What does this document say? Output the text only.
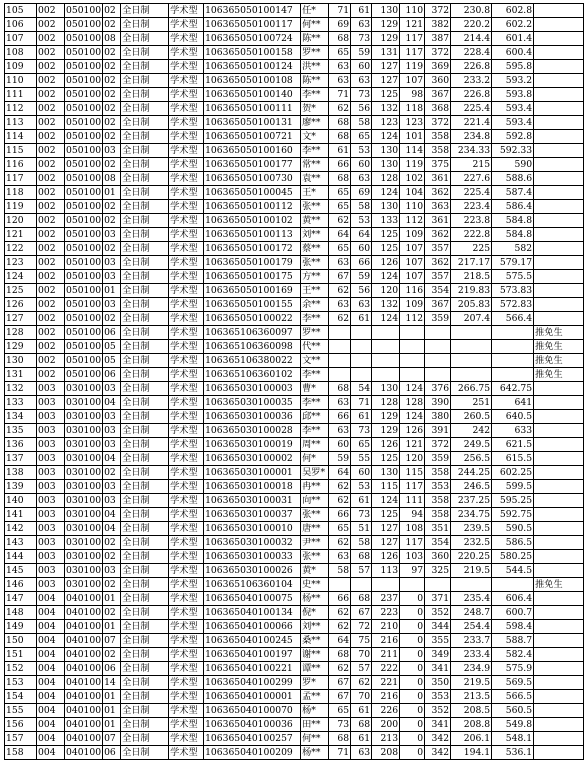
105	002	050100	02	全日制	学术型	106365050100147	任*	71	61	130	110	372	230.8	602.8	
106	002	050100	02	全日制	学术型	106365050100117	何**	69	63	129	121	382	220.2	602.2	
107	002	050100	08	全日制	学术型	106365050100724	陈**	68	73	129	117	387	214.4	601.4	
108	002	050100	02	全日制	学术型	106365050100158	罗**	65	59	131	117	372	228.4	600.4	
109	002	050100	02	全日制	学术型	106365050100124	洪**	63	60	127	119	369	226.8	595.8	
110	002	050100	02	全日制	学术型	106365050100108	陈**	63	63	127	107	360	233.2	593.2	
111	002	050100	02	全日制	学术型	106365050100140	李**	71	73	125	98	367	226.8	593.8	
112	002	050100	02	全日制	学术型	106365050100111	贺*	62	56	132	118	368	225.4	593.4	
113	002	050100	02	全日制	学术型	106365050100131	廖**	68	58	123	123	372	221.4	593.4	
114	002	050100	02	全日制	学术型	106365050100721	文*	68	65	124	101	358	234.8	592.8	
115	002	050100	03	全日制	学术型	106365050100160	李**	61	53	130	114	358	234.33	592.33	
116	002	050100	02	全日制	学术型	106365050100177	常**	66	60	130	119	375	215	590	
117	002	050100	08	全日制	学术型	106365050100730	袁**	68	63	128	102	361	227.6	588.6	
118	002	050100	01	全日制	学术型	106365050100045	王*	65	69	124	104	362	225.4	587.4	
119	002	050100	02	全日制	学术型	106365050100112	张**	65	58	130	110	363	223.4	586.4	
120	002	050100	02	全日制	学术型	106365050100102	黄**	62	53	133	112	361	223.8	584.8	
121	002	050100	03	全日制	学术型	106365050100113	刘**	64	64	125	109	362	222.8	584.8	
122	002	050100	02	全日制	学术型	106365050100172	蔡**	65	60	125	107	357	225	582	
123	002	050100	03	全日制	学术型	106365050100179	张**	63	66	126	107	362	217.17	579.17	
124	002	050100	03	全日制	学术型	106365050100175	方**	67	59	124	107	357	218.5	575.5	
125	002	050100	01	全日制	学术型	106365050100169	王**	62	56	120	116	354	219.83	573.83	
126	002	050100	03	全日制	学术型	106365050100155	余**	63	63	132	109	367	205.83	572.83	
127	002	050100	02	全日制	学术型	106365050100022	李**	62	61	124	112	359	207.4	566.4	
128	002	050100	06	全日制	学术型	106365106360097	罗**								推免生
129	002	050100	05	全日制	学术型	106365106360098	代**								推免生
130	002	050100	05	全日制	学术型	106365106380022	文**								推免生
131	002	050100	06	全日制	学术型	106365106360102	李**								推免生
132	003	030100	03	全日制	学术型	106365030100003	曹*	68	54	130	124	376	266.75	642.75	
133	003	030100	04	全日制	学术型	106365030100035	李**	63	71	128	128	390	251	641	
134	003	030100	03	全日制	学术型	106365030100036	邱**	66	61	129	124	380	260.5	640.5	
135	003	030100	03	全日制	学术型	106365030100028	李**	63	73	129	126	391	242	633	
136	003	030100	03	全日制	学术型	106365030100019	周**	60	65	126	121	372	249.5	621.5	
137	003	030100	04	全日制	学术型	106365030100002	何*	59	55	125	120	359	256.5	615.5	
138	003	030100	02	全日制	学术型	106365030100001	吴罗*	64	60	130	115	358	244.25	602.25	
139	003	030100	03	全日制	学术型	106365030100018	冉**	62	53	115	117	353	246.5	599.5	
140	003	030100	03	全日制	学术型	106365030100031	向**	62	61	124	111	358	237.25	595.25	
141	003	030100	04	全日制	学术型	106365030100037	张**	66	73	125	94	358	234.75	592.75	
142	003	030100	04	全日制	学术型	106365030100010	唐**	65	51	127	108	351	239.5	590.5	
143	003	030100	02	全日制	学术型	106365030100032	尹**	62	58	127	117	354	232.5	586.5	
144	003	030100	02	全日制	学术型	106365030100033	张**	63	68	126	103	360	220.25	580.25	
145	003	030100	03	全日制	学术型	106365030100026	黄*	58	57	113	97	325	219.5	544.5	
146	003	030100	02	全日制	学术型	106365106360104	史**								推免生
147	004	040100	01	全日制	学术型	106365040100075	杨**	66	68	237	0	371	235.4	606.4	
148	004	040100	02	全日制	学术型	106365040100134	倪*	62	67	223	0	352	248.7	600.7	
149	004	040100	01	全日制	学术型	106365040100066	刘**	62	72	210	0	344	254.4	598.4	
150	004	040100	07	全日制	学术型	106365040100245	桑**	64	75	216	0	355	233.7	588.7	
151	004	040100	02	全日制	学术型	106365040100197	谢**	68	70	211	0	349	233.4	582.4	
152	004	040100	06	全日制	学术型	106365040100221	谭**	62	57	222	0	341	234.9	575.9	
153	004	040100	14	全日制	学术型	106365040100299	罗*	67	62	221	0	350	219.5	569.5	
154	004	040100	01	全日制	学术型	106365040100001	孟**	67	70	216	0	353	213.5	566.5	
155	004	040100	01	全日制	学术型	106365040100070	杨*	65	61	226	0	352	208.5	560.5	
156	004	040100	01	全日制	学术型	106365040100036	田**	73	68	200	0	341	208.8	549.8	
157	004	040100	07	全日制	学术型	106365040100257	何**	68	61	213	0	342	206.1	548.1	
158	004	040100	06	全日制	学术型	106365040100209	杨**	71	63	208	0	342	194.1	536.1	
